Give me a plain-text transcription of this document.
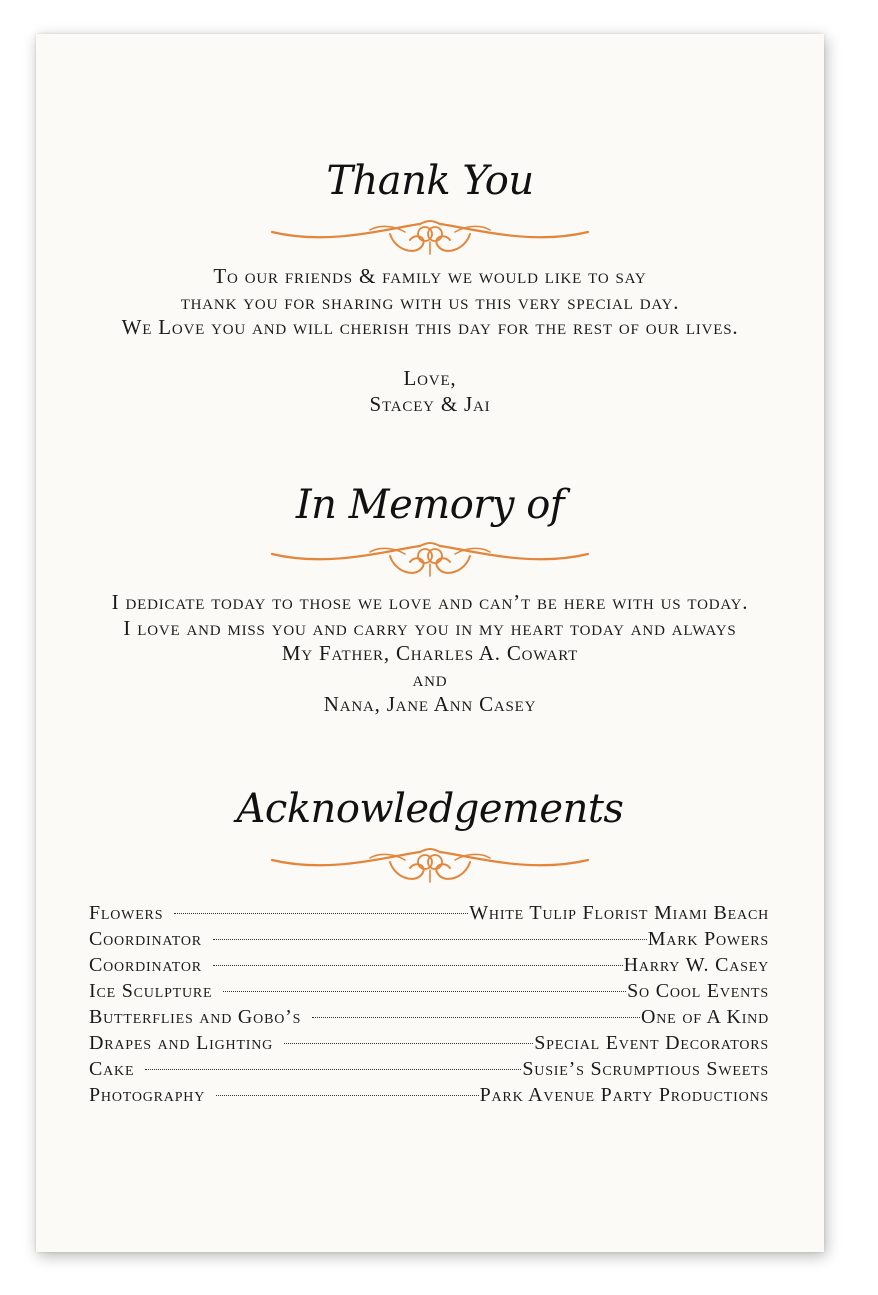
Thank You
To our friends & family we would like to say
thank you for sharing with us this very special day.
We Love you and will cherish this day for the rest of our lives.
Love,
Stacey & Jai
In Memory of
I dedicate today to those we love and can’t be here with us today.
I love and miss you and carry you in my heart today and always
My Father, Charles A. Cowart
and
Nana, Jane Ann Casey
Acknowledgements
Flowers	White Tulip Florist Miami Beach
Coordinator	Mark Powers
Coordinator	Harry W. Casey
Ice Sculpture	So Cool Events
Butterflies and Gobo’s	One of A Kind
Drapes and Lighting	Special Event Decorators
Cake	Susie’s Scrumptious Sweets
Photography	Park Avenue Party Productions
